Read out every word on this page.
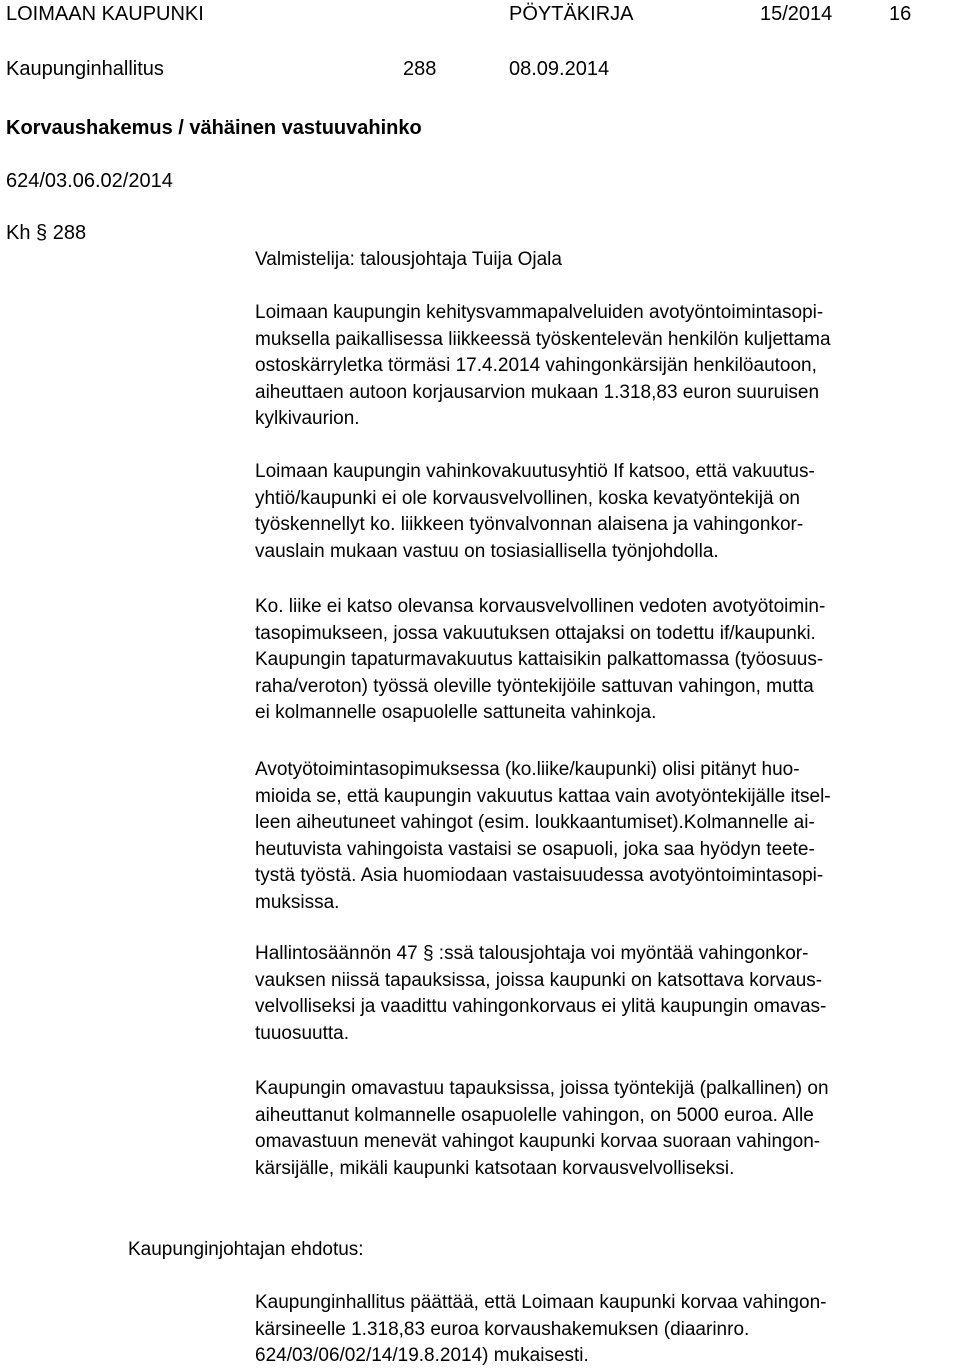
LOIMAAN KAUPUNKI	PÖYTÄKIRJA	15/2014	16
Kaupunginhallitus	288	08.09.2014
Korvaushakemus / vähäinen vastuuvahinko
624/03.06.02/2014
Kh § 288
Valmistelija: talousjohtaja Tuija Ojala
Loimaan kaupungin kehitysvammapalveluiden avotyöntoimintasopi-
muksella paikallisessa liikkeessä työskentelevän henkilön kuljettama
ostoskärryletka törmäsi 17.4.2014 vahingonkärsijän henkilöautoon,
aiheuttaen autoon korjausarvion mukaan 1.318,83 euron suuruisen
kylkivaurion.
Loimaan kaupungin vahinkovakuutusyhtiö If katsoo, että vakuutus-
yhtiö/kaupunki ei ole korvausvelvollinen, koska kevatyöntekijä on
työskennellyt ko. liikkeen työnvalvonnan alaisena ja vahingonkor-
vauslain mukaan vastuu on tosiasiallisella työnjohdolla.
Ko. liike ei katso olevansa korvausvelvollinen vedoten avotyötoimin-
tasopimukseen, jossa vakuutuksen ottajaksi on todettu if/kaupunki.
Kaupungin tapaturmavakuutus kattaisikin palkattomassa (työosuus-
raha/veroton) työssä oleville työntekijöile sattuvan vahingon, mutta
ei kolmannelle osapuolelle sattuneita vahinkoja.
Avotyötoimintasopimuksessa (ko.liike/kaupunki) olisi pitänyt huo-
mioida se, että kaupungin vakuutus kattaa vain avotyöntekijälle itsel-
leen aiheutuneet vahingot (esim. loukkaantumiset).Kolmannelle ai-
heutuvista vahingoista vastaisi se osapuoli, joka saa hyödyn teete-
tystä työstä. Asia huomiodaan vastaisuudessa avotyöntoimintasopi-
muksissa.
Hallintosäännön 47 § :ssä talousjohtaja voi myöntää vahingonkor-
vauksen niissä tapauksissa, joissa kaupunki on katsottava korvaus-
velvolliseksi ja vaadittu vahingonkorvaus ei ylitä kaupungin omavas-
tuuosuutta.
Kaupungin omavastuu tapauksissa, joissa työntekijä (palkallinen) on
aiheuttanut kolmannelle osapuolelle vahingon, on 5000 euroa. Alle
omavastuun menevät vahingot kaupunki korvaa suoraan vahingon-
kärsijälle, mikäli kaupunki katsotaan korvausvelvolliseksi.
Kaupunginjohtajan ehdotus:
Kaupunginhallitus päättää, että Loimaan kaupunki korvaa vahingon-
kärsineelle 1.318,83 euroa korvaushakemuksen (diaarinro.
624/03/06/02/14/19.8.2014) mukaisesti.
